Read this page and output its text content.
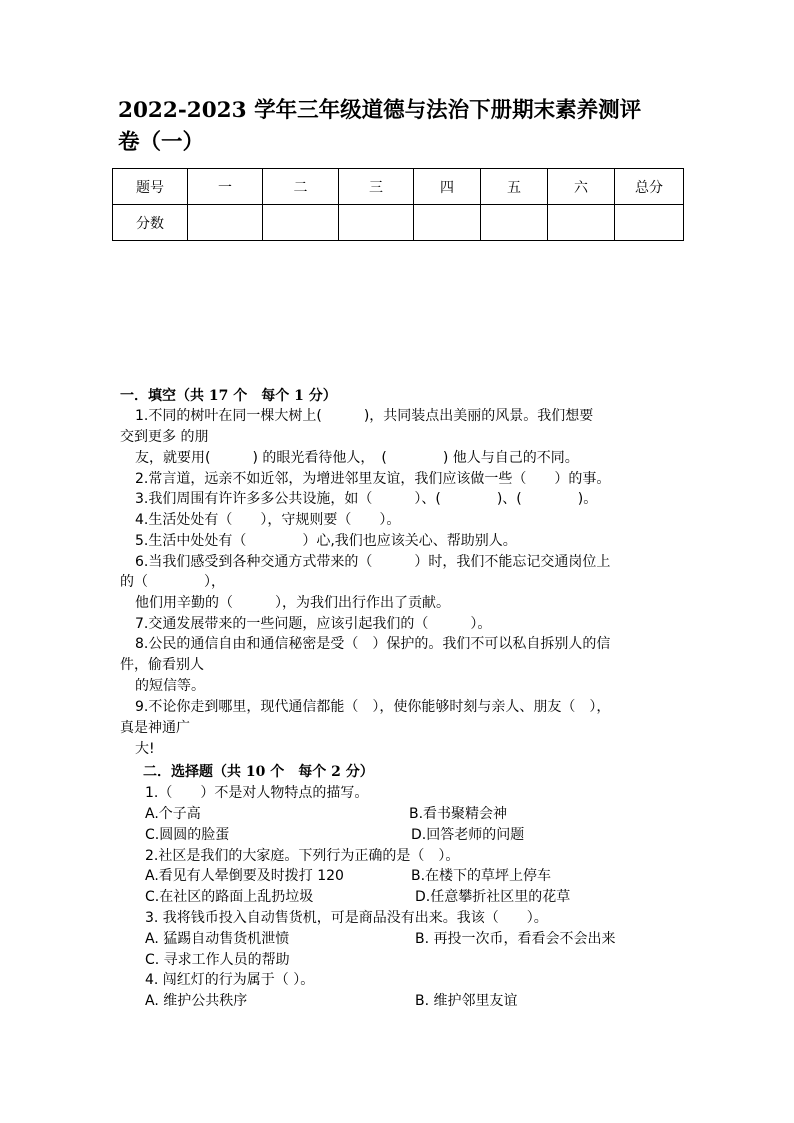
2022-2023 学年三年级道德与法治下册期末素养测评
卷（一）
题号	一	二	三	四	五	六	总分
分数							
一．填空（共 17 个　每个 1 分）
1.不同的树叶在同一棵大树上(　　　)，共同装点出美丽的风景。我们想要
交到更多 的朋
友，就要用(　　　) 的眼光看待他人，　(　　　　) 他人与自己的不同。
2.常言道，远亲不如近邻，为增进邻里友谊，我们应该做一些（　　）的事。
3.我们周围有许许多多公共设施，如（　　　）、(　　　　)、(　　　　)。
4.生活处处有（　　），守规则要（　　）。
5.生活中处处有（　　　　）心,我们也应该关心、帮助别人。
6.当我们感受到各种交通方式带来的（　　　）时，我们不能忘记交通岗位上
的（　　　　），
他们用辛勤的（　　　），为我们出行作出了贡献。
7.交通发展带来的一些问题，应该引起我们的（　　　）。
8.公民的通信自由和通信秘密是受（　）保护的。我们不可以私自拆别人的信
件，偷看别人
的短信等。
9.不论你走到哪里，现代通信都能（　），使你能够时刻与亲人、朋友（　），
真是神通广
大!
二．选择题（共 10 个　每个 2 分）
1.（　　）不是对人物特点的描写。
A.个子高	B.看书聚精会神
C.圆圆的脸蛋	D.回答老师的问题
2.社区是我们的大家庭。下列行为正确的是（　）。
A.看见有人晕倒要及时拨打 120	B.在楼下的草坪上停车
C.在社区的路面上乱扔垃圾	D.任意攀折社区里的花草
3. 我将钱币投入自动售货机，可是商品没有出来。我该（　　）。
A. 猛踢自动售货机泄愤	B. 再投一次币，看看会不会出来
C. 寻求工作人员的帮助
4. 闯红灯的行为属于（ ）。
A. 维护公共秩序	B. 维护邻里友谊
